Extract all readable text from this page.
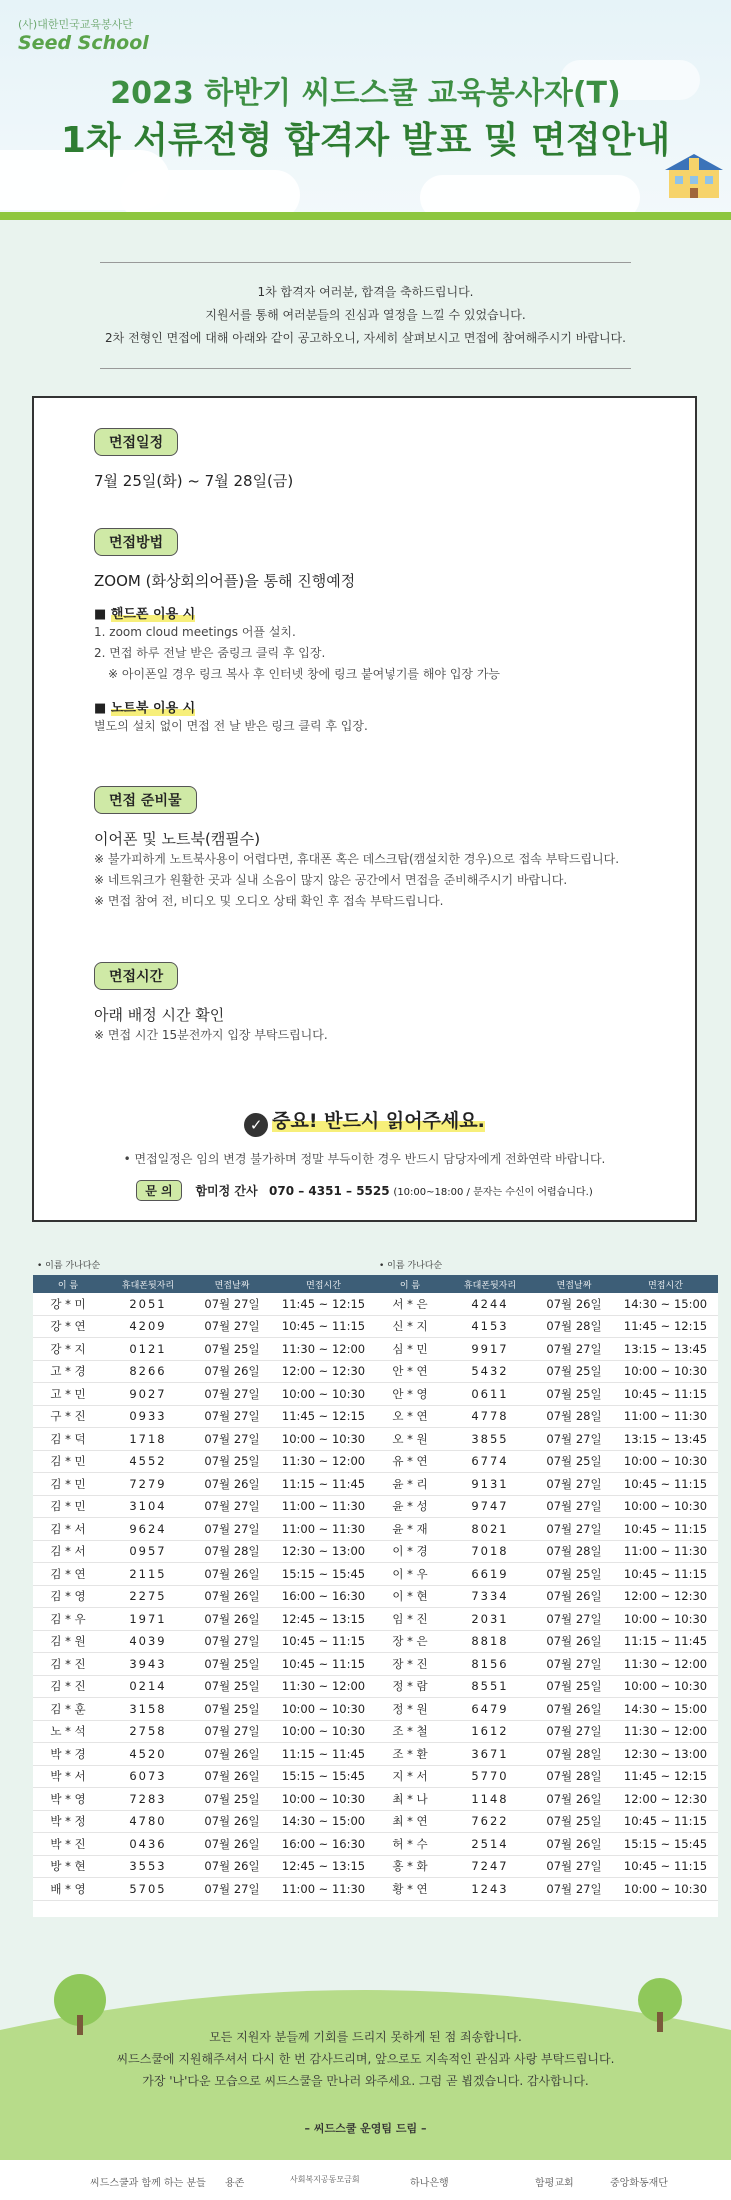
(사)대한민국교육봉사단
Seed School
2023 하반기 씨드스쿨 교육봉사자(T)
1차 서류전형 합격자 발표 및 면접안내

1차 합격자 여러분, 합격을 축하드립니다.

지원서를 통해 여러분들의 진심과 열정을 느낄 수 있었습니다.

2차 전형인 면접에 대해 아래와 같이 공고하오니, 자세히 살펴보시고 면접에 참여해주시기 바랍니다.

면접일정
7월 25일(화) ~ 7월 28일(금)
면접방법
ZOOM (화상회의어플)을 통해 진행예정
■ 핸드폰 이용 시
1. zoom cloud meetings 어플 설치.
2. 면접 하루 전날 받은 줌링크 클릭 후 입장.
※ 아이폰일 경우 링크 복사 후 인터넷 창에 링크 붙여넣기를 해야 입장 가능
■ 노트북 이용 시
별도의 설치 없이 면접 전 날 받은 링크 클릭 후 입장.
면접 준비물
이어폰 및 노트북(캠필수)
※ 불가피하게 노트북사용이 어렵다면, 휴대폰 혹은 데스크탑(캠설치한 경우)으로 접속 부탁드립니다.
※ 네트워크가 원활한 곳과 실내 소음이 많지 않은 공간에서 면접을 준비해주시기 바랍니다.
※ 면접 참여 전, 비디오 및 오디오 상태 확인 후 접속 부탁드립니다.
면접시간
아래 배정 시간 확인
※ 면접 시간 15분전까지 입장 부탁드립니다.
✓ 중요! 반드시 읽어주세요.
• 면접일정은 임의 변경 불가하며 정말 부득이한 경우 반드시 담당자에게 전화연락 바랍니다.
문 의 함미정 간사 070 – 4351 – 5525 (10:00~18:00 / 문자는 수신이 어렵습니다.)
• 이름 가나다순
이 름	휴대폰뒷자리	면접날짜	면접시간
강 * 미	2051	07월 27일	11:45 ~ 12:15
강 * 연	4209	07월 27일	10:45 ~ 11:15
강 * 지	0121	07월 25일	11:30 ~ 12:00
고 * 경	8266	07월 26일	12:00 ~ 12:30
고 * 민	9027	07월 27일	10:00 ~ 10:30
구 * 진	0933	07월 27일	11:45 ~ 12:15
김 * 덕	1718	07월 27일	10:00 ~ 10:30
김 * 민	4552	07월 25일	11:30 ~ 12:00
김 * 민	7279	07월 26일	11:15 ~ 11:45
김 * 민	3104	07월 27일	11:00 ~ 11:30
김 * 서	9624	07월 27일	11:00 ~ 11:30
김 * 서	0957	07월 28일	12:30 ~ 13:00
김 * 연	2115	07월 26일	15:15 ~ 15:45
김 * 영	2275	07월 26일	16:00 ~ 16:30
김 * 우	1971	07월 26일	12:45 ~ 13:15
김 * 원	4039	07월 27일	10:45 ~ 11:15
김 * 진	3943	07월 25일	10:45 ~ 11:15
김 * 진	0214	07월 25일	11:30 ~ 12:00
김 * 훈	3158	07월 25일	10:00 ~ 10:30
노 * 석	2758	07월 27일	10:00 ~ 10:30
박 * 경	4520	07월 26일	11:15 ~ 11:45
박 * 서	6073	07월 26일	15:15 ~ 15:45
박 * 영	7283	07월 25일	10:00 ~ 10:30
박 * 정	4780	07월 26일	14:30 ~ 15:00
박 * 진	0436	07월 26일	16:00 ~ 16:30
방 * 현	3553	07월 26일	12:45 ~ 13:15
배 * 영	5705	07월 27일	11:00 ~ 11:30
• 이름 가나다순
이 름	휴대폰뒷자리	면접날짜	면접시간
서 * 은	4244	07월 26일	14:30 ~ 15:00
신 * 지	4153	07월 28일	11:45 ~ 12:15
심 * 민	9917	07월 27일	13:15 ~ 13:45
안 * 연	5432	07월 25일	10:00 ~ 10:30
안 * 영	0611	07월 25일	10:45 ~ 11:15
오 * 연	4778	07월 28일	11:00 ~ 11:30
오 * 원	3855	07월 27일	13:15 ~ 13:45
유 * 연	6774	07월 25일	10:00 ~ 10:30
윤 * 리	9131	07월 27일	10:45 ~ 11:15
윤 * 성	9747	07월 27일	10:00 ~ 10:30
윤 * 재	8021	07월 27일	10:45 ~ 11:15
이 * 경	7018	07월 28일	11:00 ~ 11:30
이 * 우	6619	07월 25일	10:45 ~ 11:15
이 * 현	7334	07월 26일	12:00 ~ 12:30
임 * 진	2031	07월 27일	10:00 ~ 10:30
장 * 은	8818	07월 26일	11:15 ~ 11:45
장 * 진	8156	07월 27일	11:30 ~ 12:00
정 * 람	8551	07월 25일	10:00 ~ 10:30
정 * 원	6479	07월 26일	14:30 ~ 15:00
조 * 철	1612	07월 27일	11:30 ~ 12:00
조 * 환	3671	07월 28일	12:30 ~ 13:00
지 * 서	5770	07월 28일	11:45 ~ 12:15
최 * 나	1148	07월 26일	12:00 ~ 12:30
최 * 연	7622	07월 25일	10:45 ~ 11:15
허 * 수	2514	07월 26일	15:15 ~ 15:45
홍 * 화	7247	07월 27일	10:45 ~ 11:15
황 * 연	1243	07월 27일	10:00 ~ 10:30
모든 지원자 분들께 기회를 드리지 못하게 된 점 죄송합니다.
씨드스쿨에 지원해주셔서 다시 한 번 감사드리며, 앞으로도 지속적인 관심과 사랑 부탁드립니다.
가장 '나'다운 모습으로 씨드스쿨을 만나러 와주세요. 그럼 곧 뵙겠습니다. 감사합니다.
– 씨드스쿨 운영팀 드림 –
씨드스쿨과 함께 하는 분들 용존	사회복지공동모금회	하나은행	함평교회	중앙화동재단
